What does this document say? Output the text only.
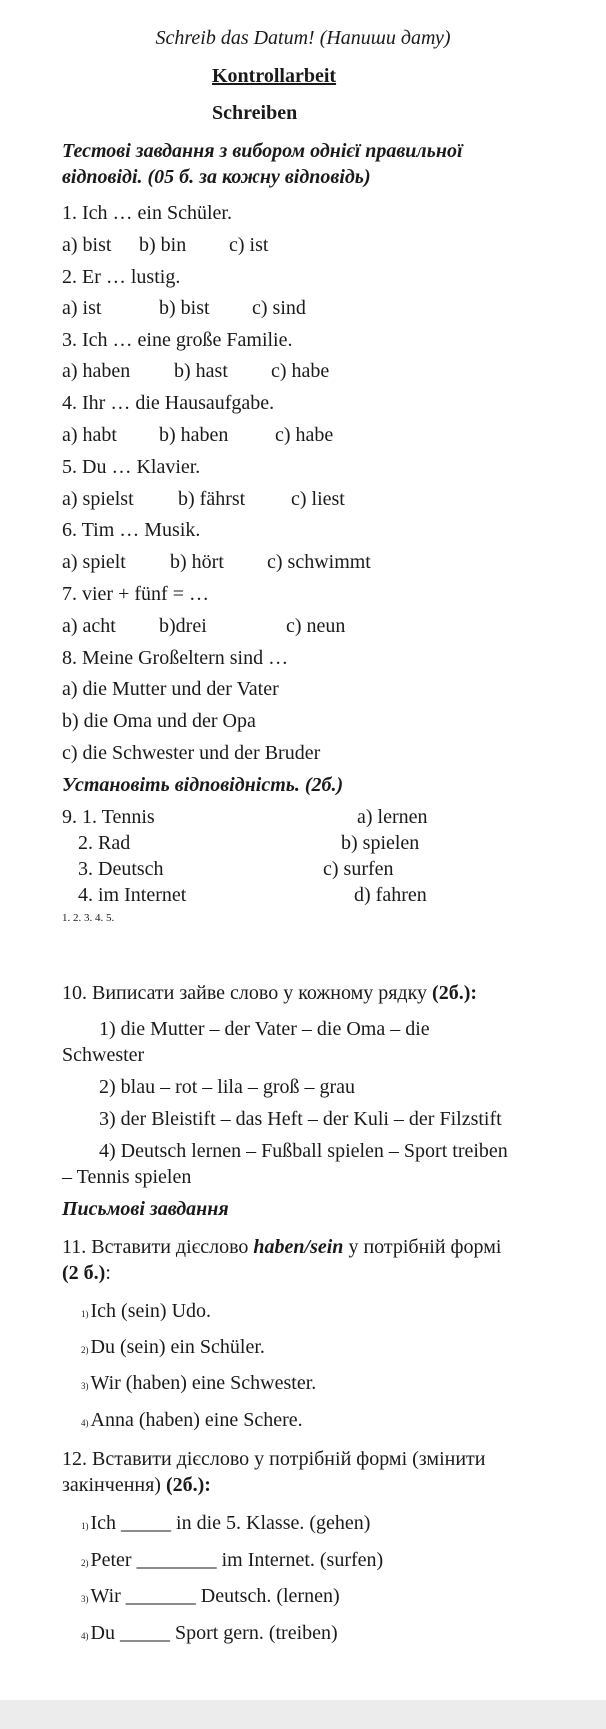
Schreib das Datum! (Напиши дату)
Kontrollarbeit
Schreiben
Тестові завдання з вибором однієї правильної
відповіді. (05 б. за кожну відповідь)
1. Ich … ein Schüler.
a) bist b) bin c) ist
2. Er … lustig.
a) ist	b) bist c) sind
3. Ich … eine große Familie.
a) haben b) hast c) habe
4. Ihr … die Hausaufgabe.
a) habt b) haben c) habe
5. Du … Klavier.
a) spielst b) fährst c) liest
6. Tim … Musik.
a) spielt b) hört c) schwimmt
7. vier + fünf = …
a) acht b)drei	c) neun
8. Meine Großeltern sind …
a) die Mutter und der Vater
b) die Oma und der Opa
c) die Schwester und der Bruder
Установіть відповідність. (2б.)
9. 1. Tennis
2. Rad
3. Deutsch
4. im Internet
a) lernen
b) spielen
c) surfen
d) fahren
1. 2. 3. 4. 5.
10. Виписати зайве слово у кожному рядку (2б.):
1) die Mutter – der Vater – die Oma – die
Schwester
2) blau – rot – lila – groß – grau
3) der Bleistift – das Heft – der Kuli – der Filzstift
4) Deutsch lernen – Fußball spielen – Sport treiben
– Tennis spielen
Письмові завдання
11. Вставити дієслово haben/sein у потрібній формі
(2 б.):
1) Ich (sein) Udo.
2) Du (sein) ein Schüler.
3) Wir (haben) eine Schwester.
4) Anna (haben) eine Schere.
12. Вставити дієслово у потрібній формі (змінити
закінчення) (2б.):
1) Ich _____ in die 5. Klasse. (gehen)
2) Peter ________ im Internet. (surfen)
3) Wir _______ Deutsch. (lernen)
4) Du _____ Sport gern. (treiben)
